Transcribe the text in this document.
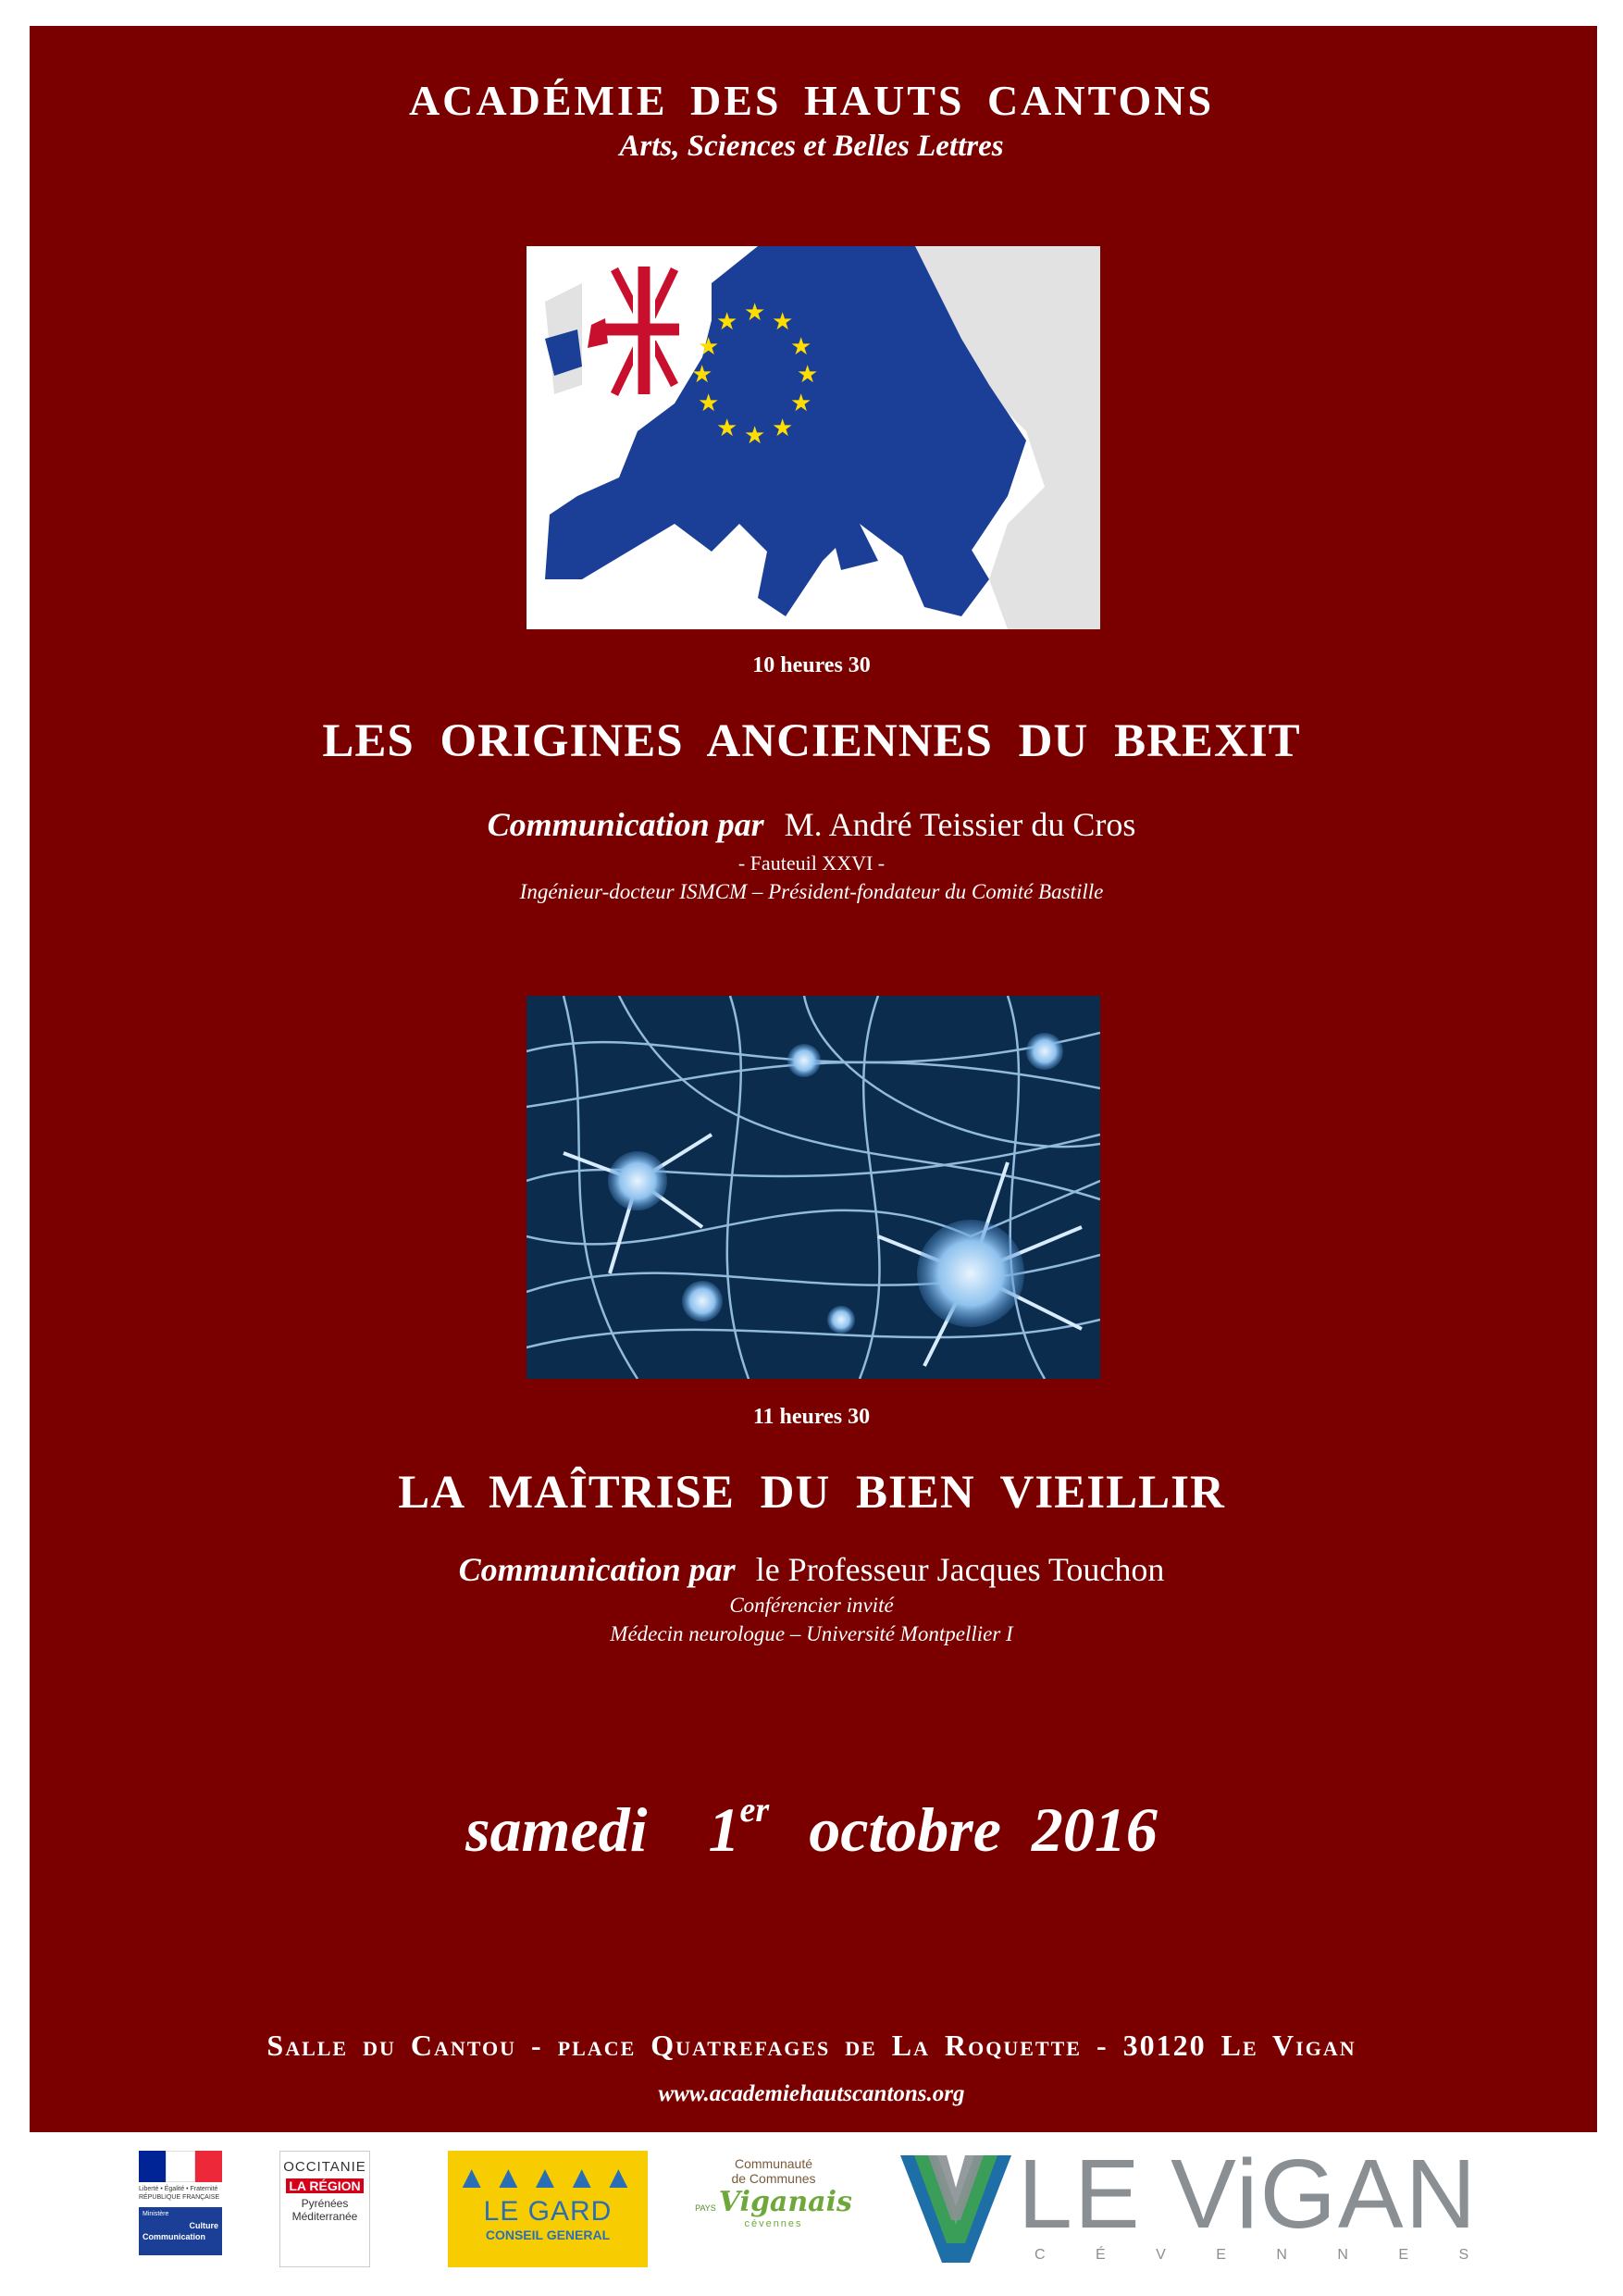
ACADÉMIE DES HAUTS CANTONS
Arts, Sciences et Belles Lettres
★
★ ★ ★
★
★
★
★
★
★
★
★
10 heures 30
LES ORIGINES ANCIENNES DU BREXIT
Communication par M. André Teissier du Cros
- Fauteuil XXVI -
Ingénieur-docteur ISMCM – Président-fondateur du Comité Bastille
11 heures 30
LA MAÎTRISE DU BIEN VIEILLIR
Communication par le Professeur Jacques Touchon
Conférencier invité
Médecin neurologue – Université Montpellier I
samedi 1er octobre 2016
Salle du Cantou - place Quatrefages de La Roquette - 30120 Le Vigan
www.academiehautscantons.org
Liberté • Égalité • Fraternité
RÉPUBLIQUE FRANÇAISE
Ministère
Culture
Communication
OCCITANIE
LA RÉGION
Pyrénées
Méditerranée
▲▲▲▲▲
LE GARD
CONSEIL GENERAL
Communauté
de Communes
PAYS Viganais
cévennes	LE ViGAN
C É V E N N E S
